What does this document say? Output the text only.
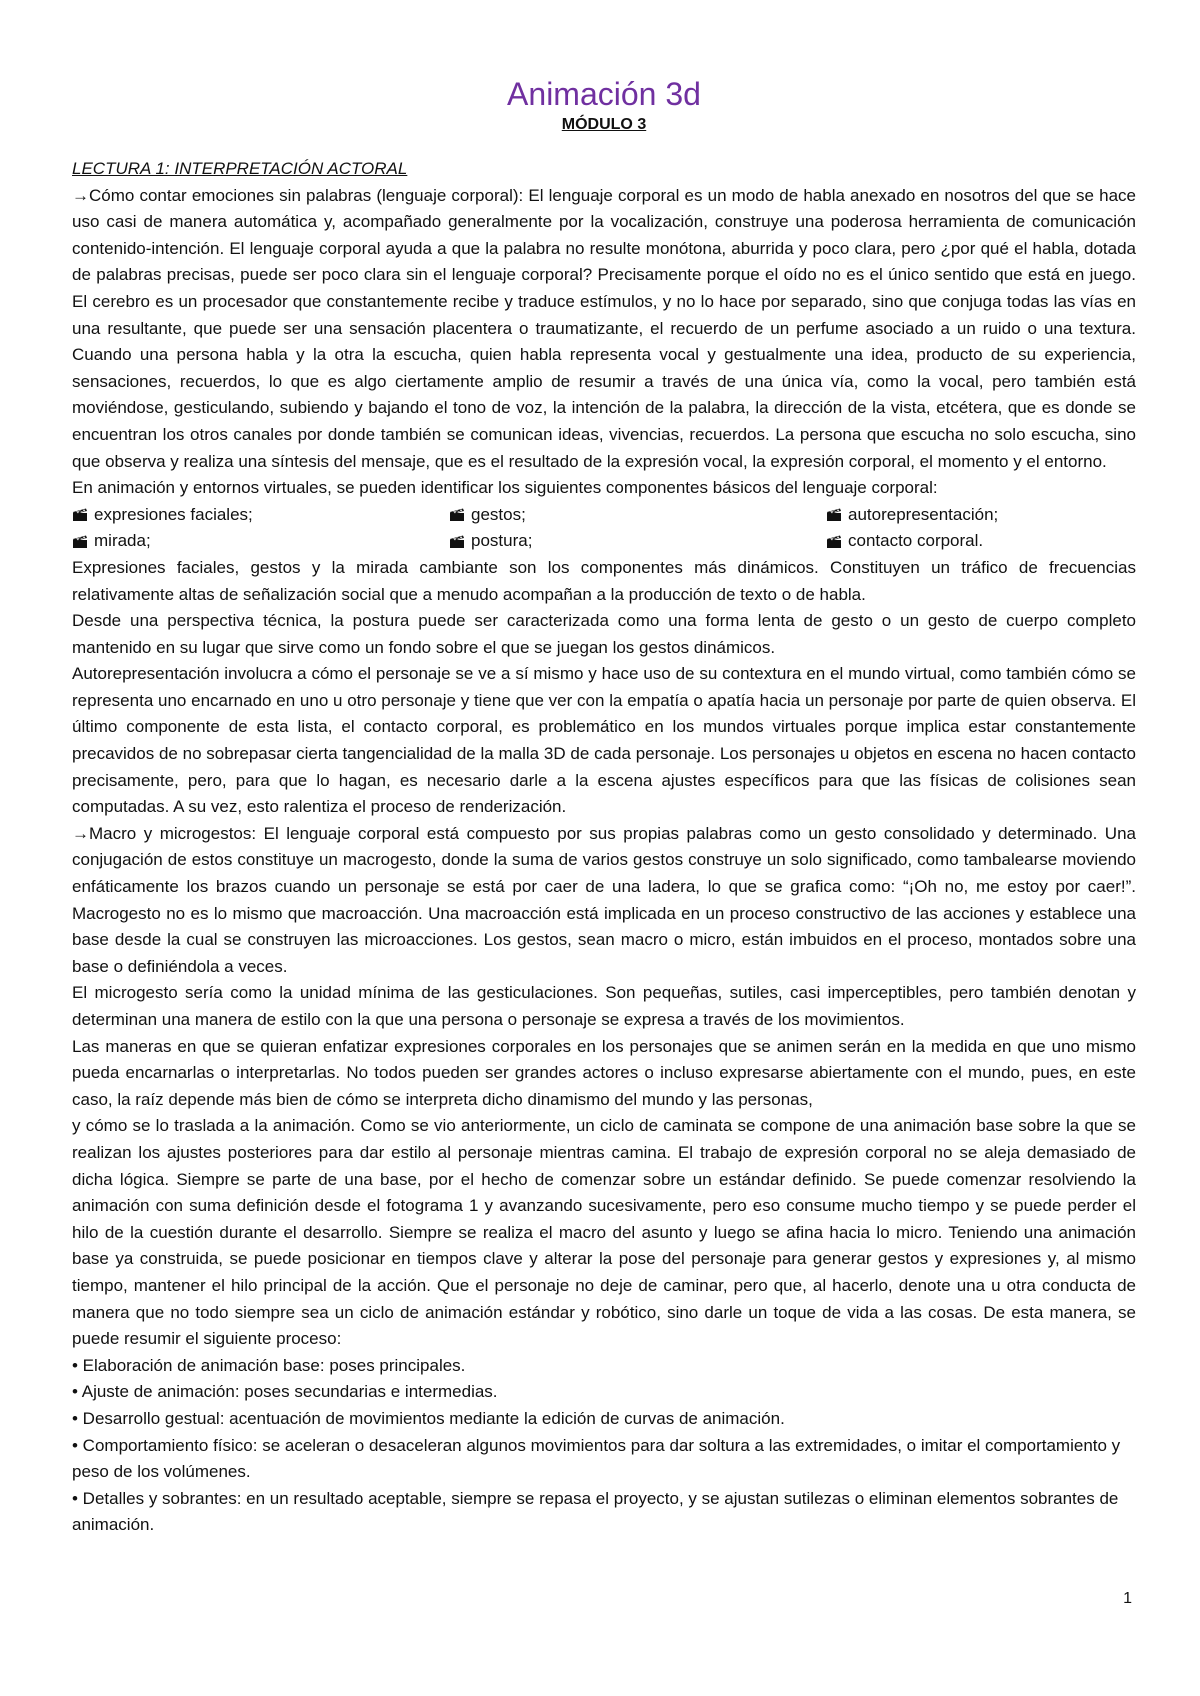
Animación 3d
MÓDULO 3
LECTURA 1: INTERPRETACIÓN ACTORAL

→Cómo contar emociones sin palabras (lenguaje corporal): El lenguaje corporal es un modo de habla anexado en nosotros del que se hace uso casi de manera automática y, acompañado generalmente por la vocalización, construye una poderosa herramienta de comunicación contenido-intención. El lenguaje corporal ayuda a que la palabra no resulte monótona, aburrida y poco clara, pero ¿por qué el habla, dotada de palabras precisas, puede ser poco clara sin el lenguaje corporal? Precisamente porque el oído no es el único sentido que está en juego. El cerebro es un procesador que constantemente recibe y traduce estímulos, y no lo hace por separado, sino que conjuga todas las vías en una resultante, que puede ser una sensación placentera o traumatizante, el recuerdo de un perfume asociado a un ruido o una textura. Cuando una persona habla y la otra la escucha, quien habla representa vocal y gestualmente una idea, producto de su experiencia, sensaciones, recuerdos, lo que es algo ciertamente amplio de resumir a través de una única vía, como la vocal, pero también está moviéndose, gesticulando, subiendo y bajando el tono de voz, la intención de la palabra, la dirección de la vista, etcétera, que es donde se encuentran los otros canales por donde también se comunican ideas, vivencias, recuerdos. La persona que escucha no solo escucha, sino que observa y realiza una síntesis del mensaje, que es el resultado de la expresión vocal, la expresión corporal, el momento y el entorno.

En animación y entornos virtuales, se pueden identificar los siguientes componentes básicos del lenguaje corporal:

expresiones faciales;	gestos;	autorepresentación;
mirada;	postura;	contacto corporal.

Expresiones faciales, gestos y la mirada cambiante son los componentes más dinámicos. Constituyen un tráfico de frecuencias relativamente altas de señalización social que a menudo acompañan a la producción de texto o de habla.

Desde una perspectiva técnica, la postura puede ser caracterizada como una forma lenta de gesto o un gesto de cuerpo completo mantenido en su lugar que sirve como un fondo sobre el que se juegan los gestos dinámicos.

Autorepresentación involucra a cómo el personaje se ve a sí mismo y hace uso de su contextura en el mundo virtual, como también cómo se representa uno encarnado en uno u otro personaje y tiene que ver con la empatía o apatía hacia un personaje por parte de quien observa. El último componente de esta lista, el contacto corporal, es problemático en los mundos virtuales porque implica estar constantemente precavidos de no sobrepasar cierta tangencialidad de la malla 3D de cada personaje. Los personajes u objetos en escena no hacen contacto precisamente, pero, para que lo hagan, es necesario darle a la escena ajustes específicos para que las físicas de colisiones sean computadas. A su vez, esto ralentiza el proceso de renderización.

→Macro y microgestos: El lenguaje corporal está compuesto por sus propias palabras como un gesto consolidado y determinado. Una conjugación de estos constituye un macrogesto, donde la suma de varios gestos construye un solo significado, como tambalearse moviendo enfáticamente los brazos cuando un personaje se está por caer de una ladera, lo que se grafica como: “¡Oh no, me estoy por caer!”. Macrogesto no es lo mismo que macroacción. Una macroacción está implicada en un proceso constructivo de las acciones y establece una base desde la cual se construyen las microacciones. Los gestos, sean macro o micro, están imbuidos en el proceso, montados sobre una base o definiéndola a veces.

El microgesto sería como la unidad mínima de las gesticulaciones. Son pequeñas, sutiles, casi imperceptibles, pero también denotan y determinan una manera de estilo con la que una persona o personaje se expresa a través de los movimientos.

Las maneras en que se quieran enfatizar expresiones corporales en los personajes que se animen serán en la medida en que uno mismo pueda encarnarlas o interpretarlas. No todos pueden ser grandes actores o incluso expresarse abiertamente con el mundo, pues, en este caso, la raíz depende más bien de cómo se interpreta dicho dinamismo del mundo y las personas,

y cómo se lo traslada a la animación. Como se vio anteriormente, un ciclo de caminata se compone de una animación base sobre la que se realizan los ajustes posteriores para dar estilo al personaje mientras camina. El trabajo de expresión corporal no se aleja demasiado de dicha lógica. Siempre se parte de una base, por el hecho de comenzar sobre un estándar definido. Se puede comenzar resolviendo la animación con suma definición desde el fotograma 1 y avanzando sucesivamente, pero eso consume mucho tiempo y se puede perder el hilo de la cuestión durante el desarrollo. Siempre se realiza el macro del asunto y luego se afina hacia lo micro. Teniendo una animación base ya construida, se puede posicionar en tiempos clave y alterar la pose del personaje para generar gestos y expresiones y, al mismo tiempo, mantener el hilo principal de la acción. Que el personaje no deje de caminar, pero que, al hacerlo, denote una u otra conducta de manera que no todo siempre sea un ciclo de animación estándar y robótico, sino darle un toque de vida a las cosas. De esta manera, se puede resumir el siguiente proceso:

• Elaboración de animación base: poses principales.

• Ajuste de animación: poses secundarias e intermedias.

• Desarrollo gestual: acentuación de movimientos mediante la edición de curvas de animación.

• Comportamiento físico: se aceleran o desaceleran algunos movimientos para dar soltura a las extremidades, o imitar el comportamiento y peso de los volúmenes.

• Detalles y sobrantes: en un resultado aceptable, siempre se repasa el proyecto, y se ajustan sutilezas o eliminan elementos sobrantes de animación.

1
